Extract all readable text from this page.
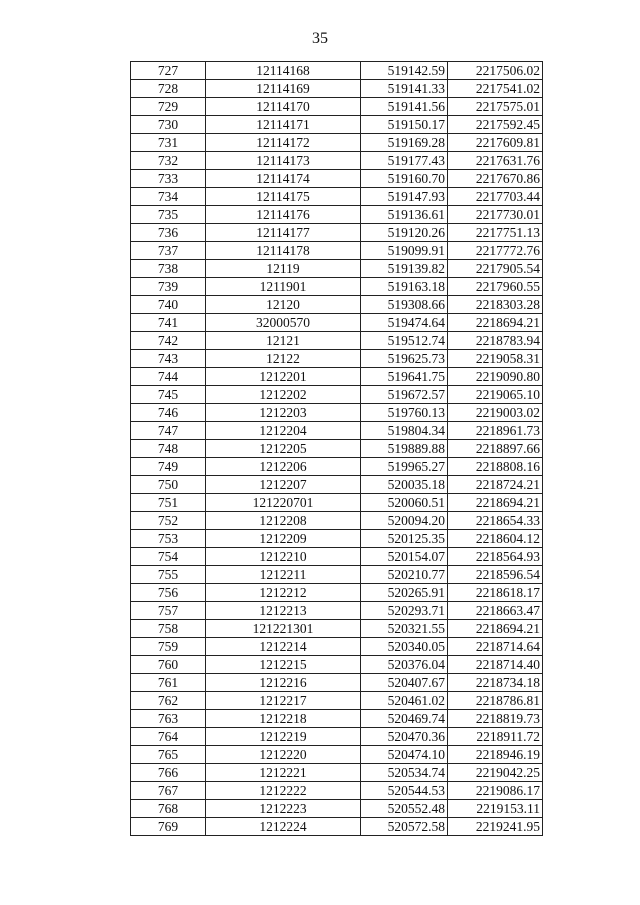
35
727	12114168	519142.59	2217506.02
728	12114169	519141.33	2217541.02
729	12114170	519141.56	2217575.01
730	12114171	519150.17	2217592.45
731	12114172	519169.28	2217609.81
732	12114173	519177.43	2217631.76
733	12114174	519160.70	2217670.86
734	12114175	519147.93	2217703.44
735	12114176	519136.61	2217730.01
736	12114177	519120.26	2217751.13
737	12114178	519099.91	2217772.76
738	12119	519139.82	2217905.54
739	1211901	519163.18	2217960.55
740	12120	519308.66	2218303.28
741	32000570	519474.64	2218694.21
742	12121	519512.74	2218783.94
743	12122	519625.73	2219058.31
744	1212201	519641.75	2219090.80
745	1212202	519672.57	2219065.10
746	1212203	519760.13	2219003.02
747	1212204	519804.34	2218961.73
748	1212205	519889.88	2218897.66
749	1212206	519965.27	2218808.16
750	1212207	520035.18	2218724.21
751	121220701	520060.51	2218694.21
752	1212208	520094.20	2218654.33
753	1212209	520125.35	2218604.12
754	1212210	520154.07	2218564.93
755	1212211	520210.77	2218596.54
756	1212212	520265.91	2218618.17
757	1212213	520293.71	2218663.47
758	121221301	520321.55	2218694.21
759	1212214	520340.05	2218714.64
760	1212215	520376.04	2218714.40
761	1212216	520407.67	2218734.18
762	1212217	520461.02	2218786.81
763	1212218	520469.74	2218819.73
764	1212219	520470.36	2218911.72
765	1212220	520474.10	2218946.19
766	1212221	520534.74	2219042.25
767	1212222	520544.53	2219086.17
768	1212223	520552.48	2219153.11
769	1212224	520572.58	2219241.95
